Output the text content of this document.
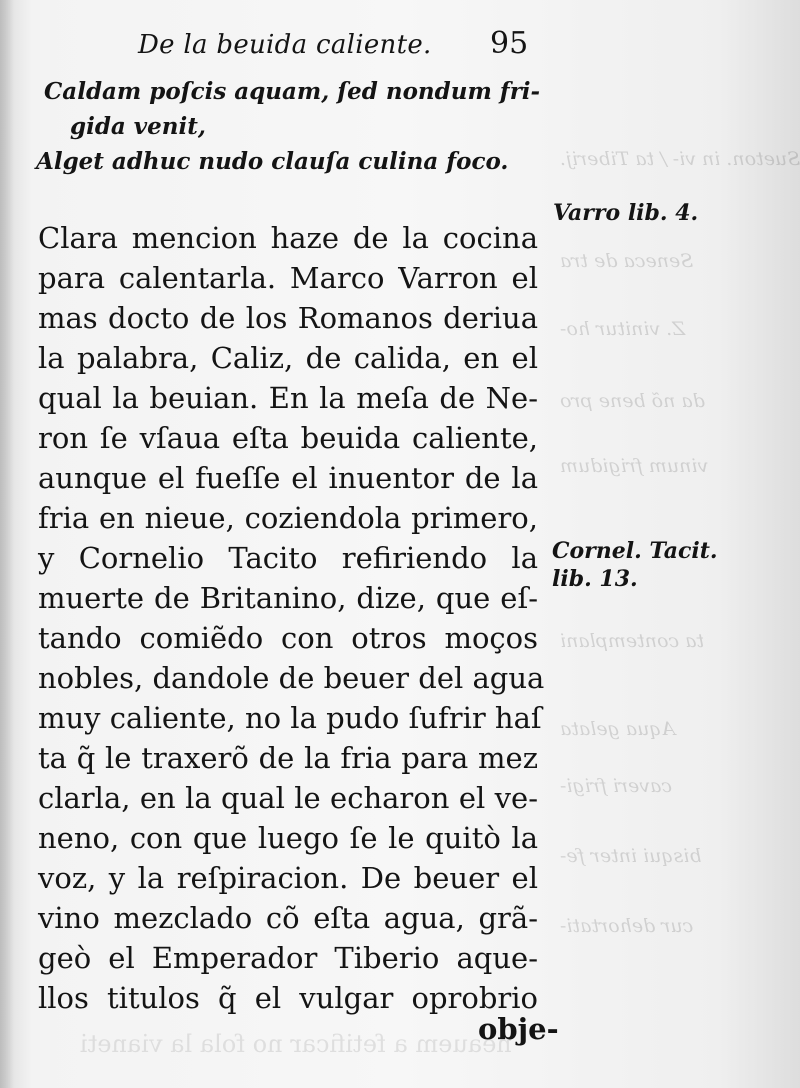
Sueton. in vi- / ta Tiberij.
Seneca de tra
Z. vinitur ho-
da nõ bene pro
vinum frigidum
ta contemplani
Aqua gelata
caveri frigi-
bisqui inter fe-
cur dehortati-
neauem a fetificar no fola la vianeti
De la beuida caliente. 95
Caldam poſcis aquam, ſed nondum fri-
gida venit,
Alget adhuc nudo clauſa culina foco.
Clara mencion haze de la cocina
para calentarla. Marco Varron el
mas docto de los Romanos deriua
la palabra, Caliz, de calida, en el
qual la beuian. En la meſa de Ne-
ron ſe vſaua eſta beuida caliente,
aunque el fueſſe el inuentor de la
fria en nieue, coziendola primero,
y Cornelio Tacito refiriendo la
muerte de Britanino, dize, que eſ-
tando comiẽdo con otros moços
nobles, dandole de beuer del agua
muy caliente, no la pudo ſufrir haſ
ta q̃ le traxerõ de la fria para mez
clarla, en la qual le echaron el ve-
neno, con que luego ſe le quitò la
voz, y la reſpiracion. De beuer el
vino mezclado cõ eſta agua, grã-
geò el Emperador Tiberio aque-
llos titulos q̃ el vulgar oprobrio
obje-
Varro lib. 4.
Cornel. Tacit.
lib. 13.
